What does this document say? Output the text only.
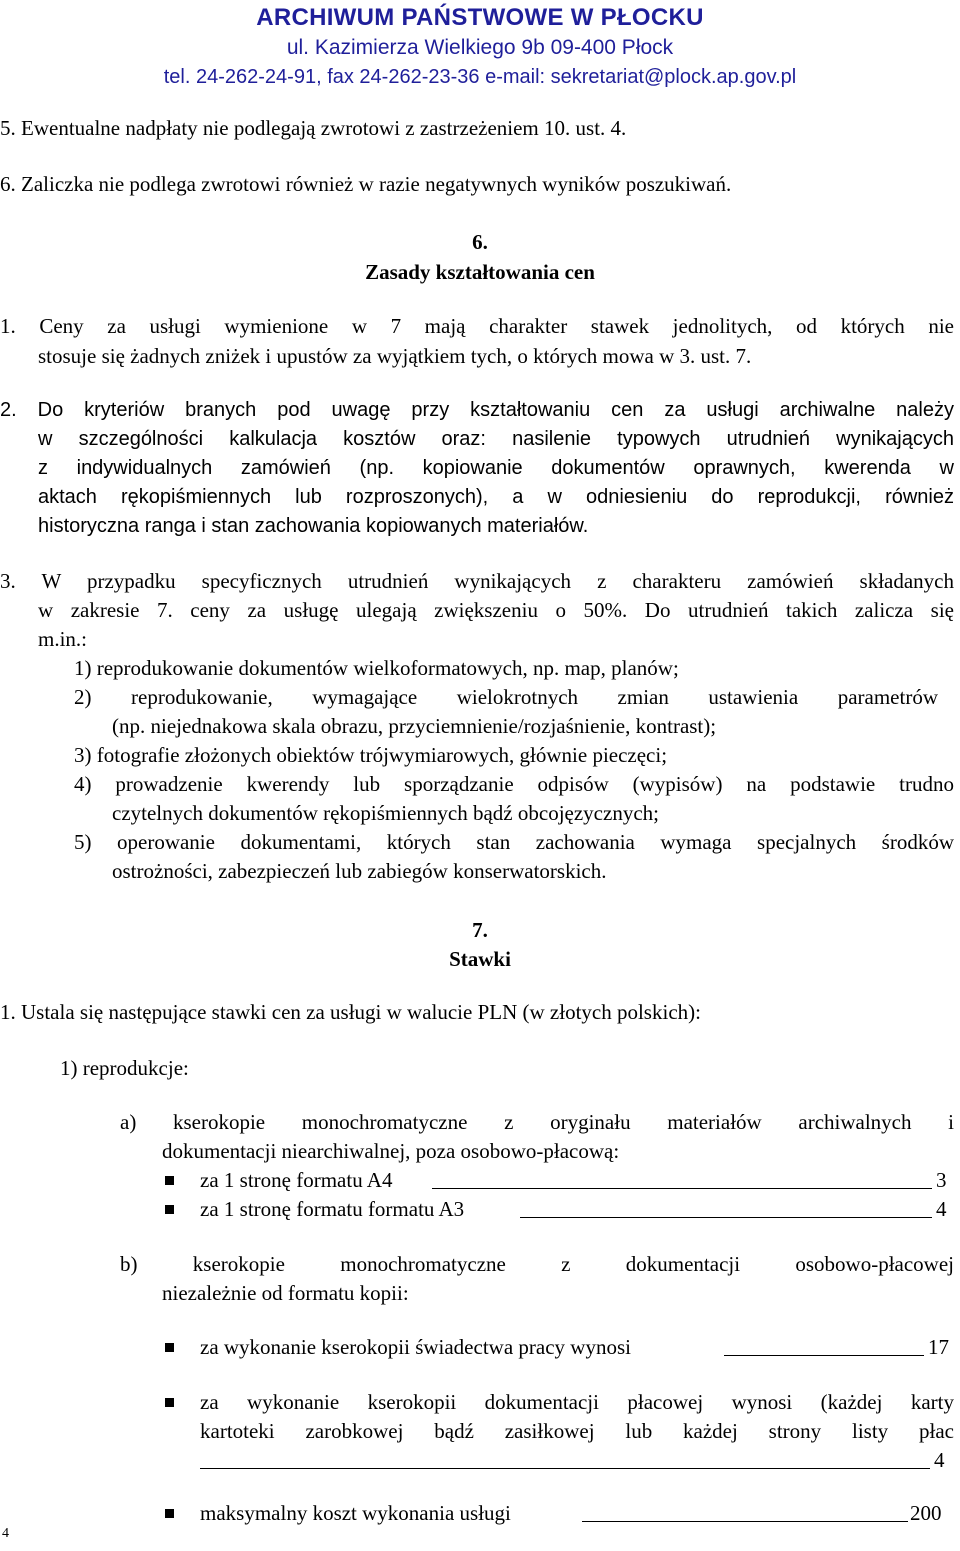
ARCHIWUM PAŃSTWOWE W PŁOCKU
ul. Kazimierza Wielkiego 9b 09-400 Płock
tel. 24-262-24-91, fax 24-262-23-36 e-mail: sekretariat@plock.ap.gov.pl
5. Ewentualne nadpłaty nie podlegają zwrotowi z zastrzeżeniem 10. ust. 4.
6. Zaliczka nie podlega zwrotowi również w razie negatywnych wyników poszukiwań.
6.
Zasady kształtowania cen
1. Ceny za usługi wymienione w 7 mają charakter stawek jednolitych, od których nie
stosuje się żadnych zniżek i upustów za wyjątkiem tych, o których mowa w 3. ust. 7.
2. Do kryteriów branych pod uwagę przy kształtowaniu cen za usługi archiwalne należy
w szczególności kalkulacja kosztów oraz: nasilenie typowych utrudnień wynikających
z indywidualnych zamówień (np. kopiowanie dokumentów oprawnych, kwerenda w
aktach rękopiśmiennych lub rozproszonych), a w odniesieniu do reprodukcji, również
historyczna ranga i stan zachowania kopiowanych materiałów.
3. W przypadku specyficznych utrudnień wynikających z charakteru zamówień składanych
w zakresie 7. ceny za usługę ulegają zwiększeniu o 50%. Do utrudnień takich zalicza się
m.in.:
1) reprodukowanie dokumentów wielkoformatowych, np. map, planów;
2) reprodukowanie, wymagające wielokrotnych zmian ustawienia parametrów
(np. niejednakowa skala obrazu, przyciemnienie/rozjaśnienie, kontrast);
3) fotografie złożonych obiektów trójwymiarowych, głównie pieczęci;
4) prowadzenie kwerendy lub sporządzanie odpisów (wypisów) na podstawie trudno
czytelnych dokumentów rękopiśmiennych bądź obcojęzycznych;
5) operowanie dokumentami, których stan zachowania wymaga specjalnych środków
ostrożności, zabezpieczeń lub zabiegów konserwatorskich.
7.
Stawki
1. Ustala się następujące stawki cen za usługi w walucie PLN (w złotych polskich):
1) reprodukcje:
a) kserokopie monochromatyczne z oryginału materiałów archiwalnych i
dokumentacji niearchiwalnej, poza osobowo-płacową:
za 1 stronę formatu A4	3
za 1 stronę formatu formatu A3	4
b) kserokopie monochromatyczne z dokumentacji osobowo-płacowej
niezależnie od formatu kopii:
za wykonanie kserokopii świadectwa pracy wynosi	17
za wykonanie kserokopii dokumentacji płacowej wynosi (każdej karty
kartoteki zarobkowej bądź zasiłkowej lub każdej strony listy płac
4
maksymalny koszt wykonania usługi	200
4
